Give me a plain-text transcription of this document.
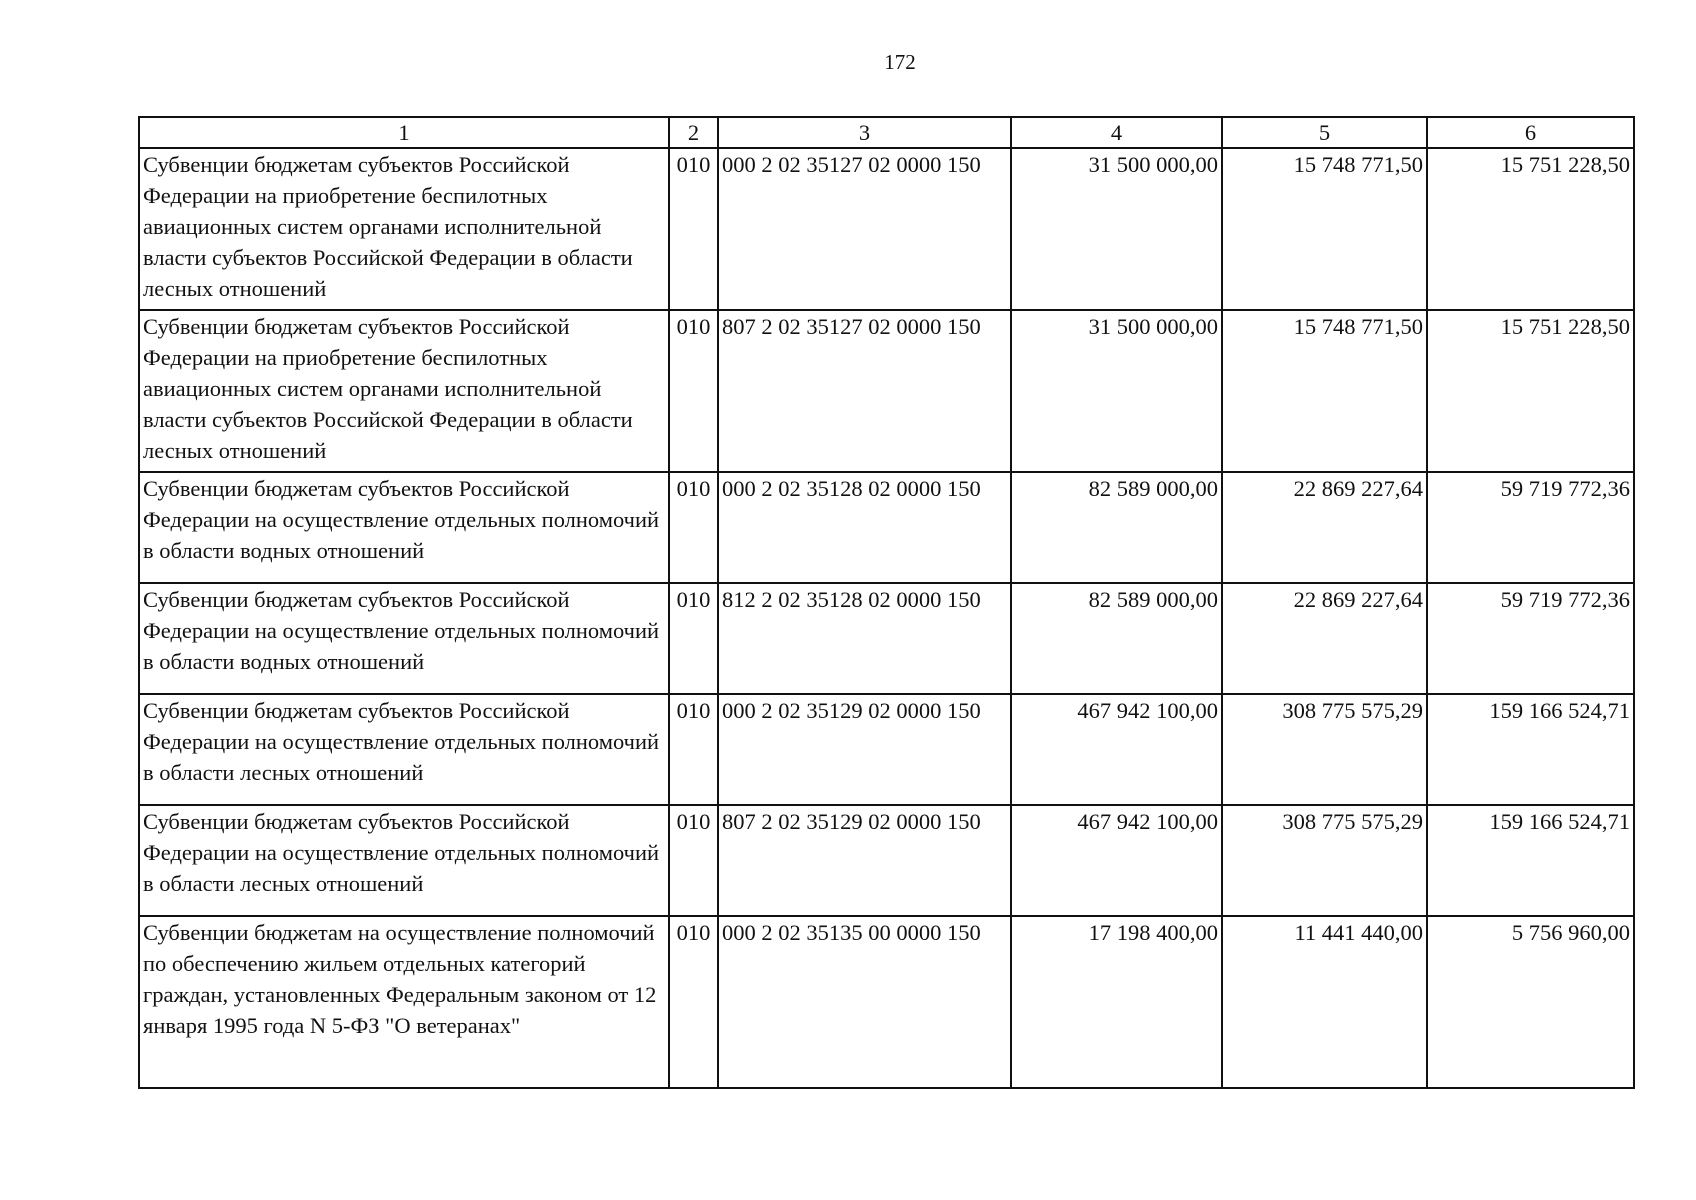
172
1	2	3	4	5	6
Субвенции бюджетам субъектов Российской Федерации на приобретение беспилотных авиационных систем органами исполнительной власти субъектов Российской Федерации в области лесных отношений	010	000 2 02 35127 02 0000 150	31 500 000,00	15 748 771,50	15 751 228,50
Субвенции бюджетам субъектов Российской Федерации на приобретение беспилотных авиационных систем органами исполнительной власти субъектов Российской Федерации в области лесных отношений	010	807 2 02 35127 02 0000 150	31 500 000,00	15 748 771,50	15 751 228,50
Субвенции бюджетам субъектов Российской Федерации на осуществление отдельных полномочий в области водных отношений	010	000 2 02 35128 02 0000 150	82 589 000,00	22 869 227,64	59 719 772,36
Субвенции бюджетам субъектов Российской Федерации на осуществление отдельных полномочий в области водных отношений	010	812 2 02 35128 02 0000 150	82 589 000,00	22 869 227,64	59 719 772,36
Субвенции бюджетам субъектов Российской Федерации на осуществление отдельных полномочий в области лесных отношений	010	000 2 02 35129 02 0000 150	467 942 100,00	308 775 575,29	159 166 524,71
Субвенции бюджетам субъектов Российской Федерации на осуществление отдельных полномочий в области лесных отношений	010	807 2 02 35129 02 0000 150	467 942 100,00	308 775 575,29	159 166 524,71
Субвенции бюджетам на осуществление полномочий по обеспечению жильем отдельных категорий граждан, установленных Федеральным законом от 12 января 1995 года N 5-ФЗ "О ветеранах"	010	000 2 02 35135 00 0000 150	17 198 400,00	11 441 440,00	5 756 960,00
